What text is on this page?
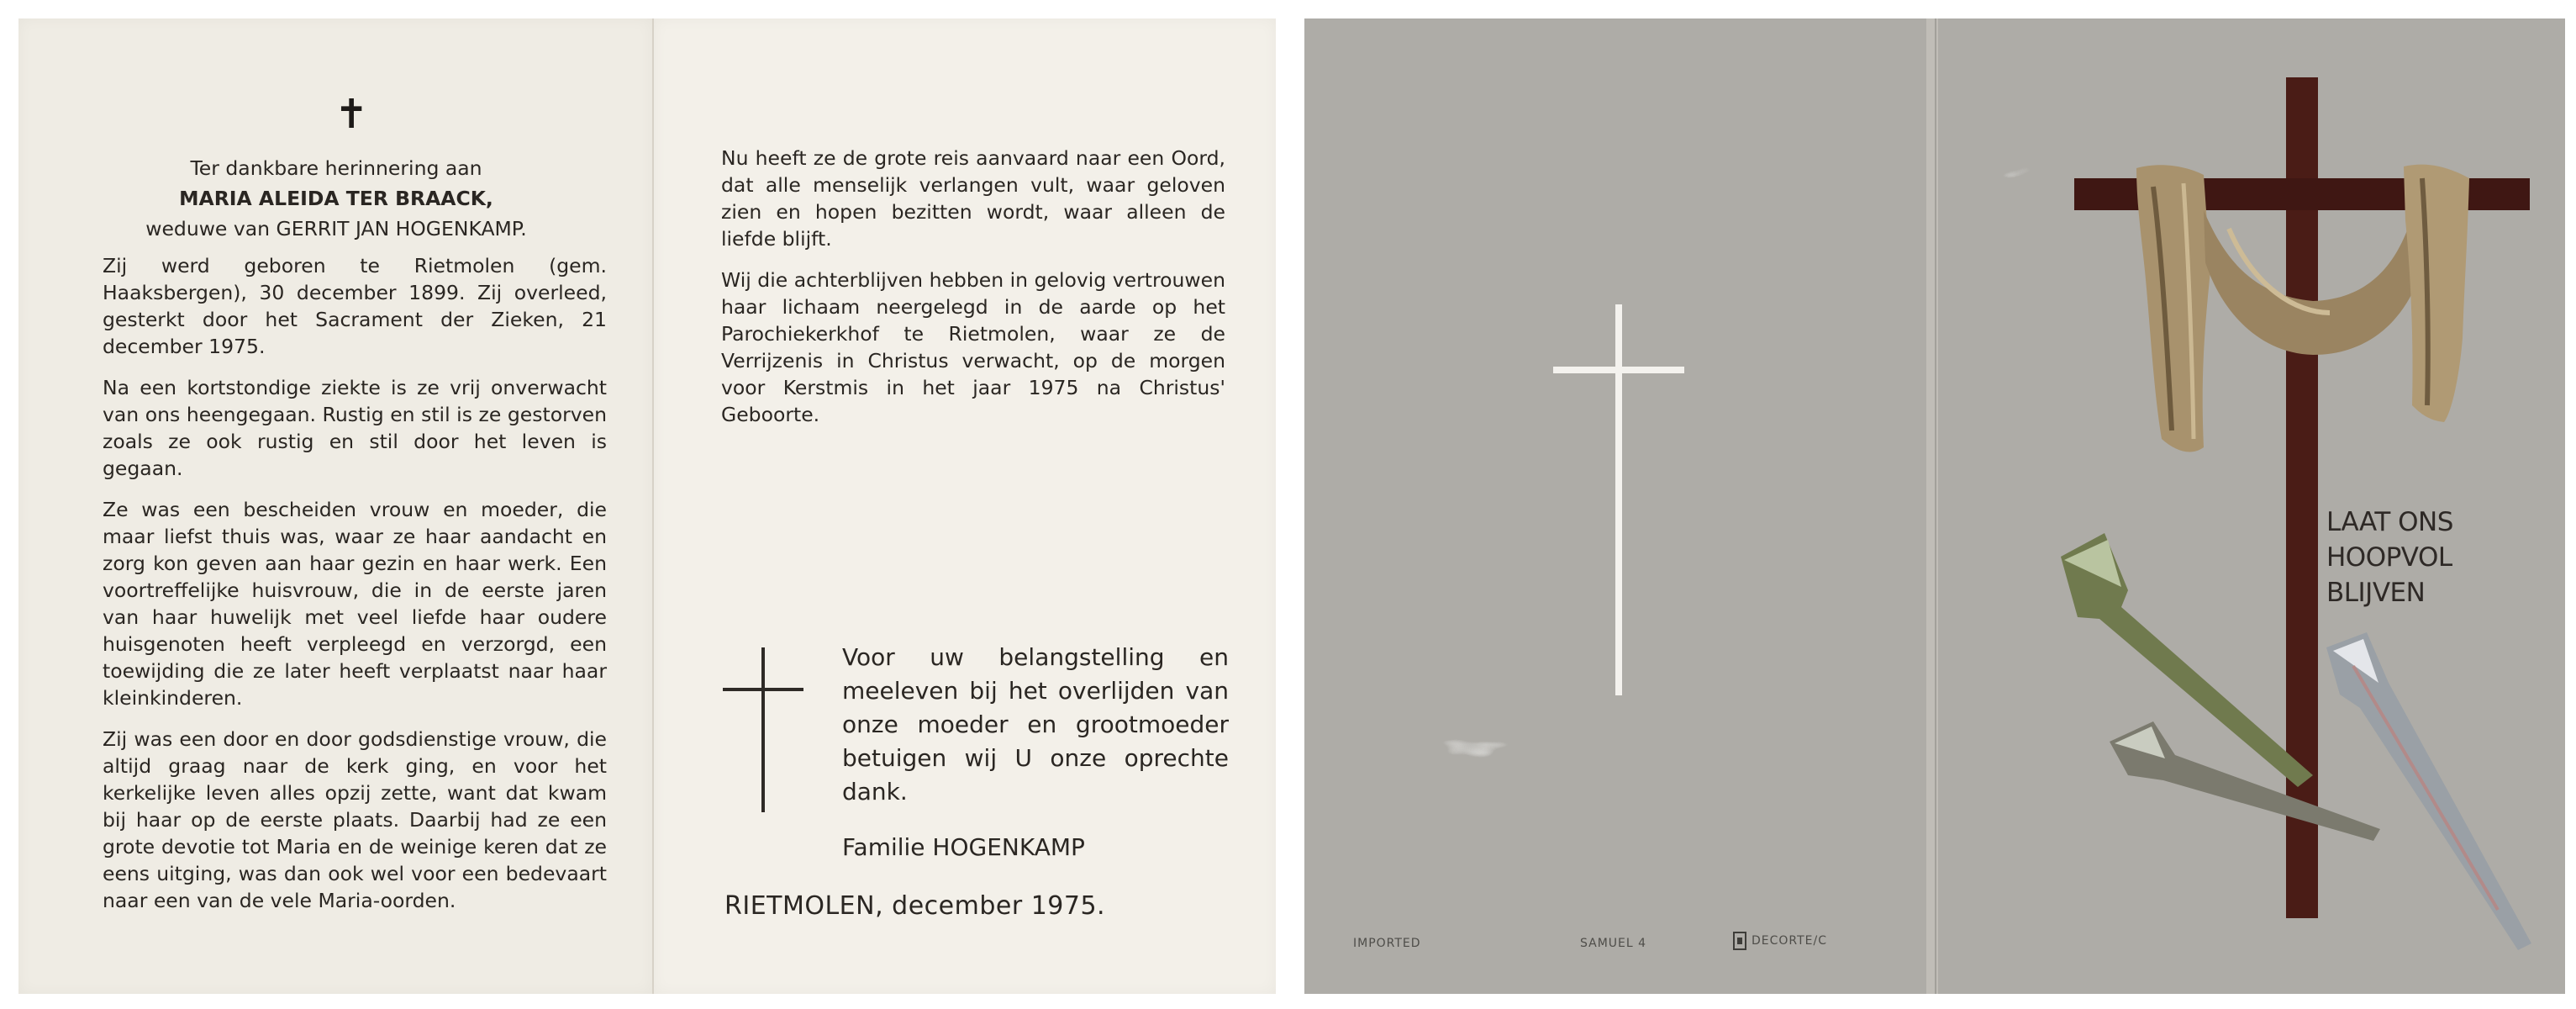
✝
Ter dankbare herinnering aan
MARIA ALEIDA TER BRAACK,
weduwe van GERRIT JAN HOGENKAMP.

Zij werd geboren te Rietmolen (gem. Haaksbergen), 30 december 1899. Zij overleed, gesterkt door het Sacrament der Zieken, 21 december 1975.

Na een kortstondige ziekte is ze vrij onverwacht van ons heengegaan. Rustig en stil is ze gestorven zoals ze ook rustig en stil door het leven is gegaan.

Ze was een bescheiden vrouw en moeder, die maar liefst thuis was, waar ze haar aandacht en zorg kon geven aan haar gezin en haar werk. Een voortreffelijke huisvrouw, die in de eerste jaren van haar huwelijk met veel liefde haar oudere huisgenoten heeft verpleegd en verzorgd, een toewijding die ze later heeft verplaatst naar haar kleinkinderen.

Zij was een door en door godsdienstige vrouw, die altijd graag naar de kerk ging, en voor het kerkelijke leven alles opzij zette, want dat kwam bij haar op de eerste plaats. Daarbij had ze een grote devotie tot Maria en de weinige keren dat ze eens uitging, was dan ook wel voor een bedevaart naar een van de vele Maria-oorden.

Nu heeft ze de grote reis aanvaard naar een Oord, dat alle menselijk verlangen vult, waar geloven zien en hopen bezitten wordt, waar alleen de liefde blijft.

Wij die achterblijven hebben in gelovig vertrouwen haar lichaam neergelegd in de aarde op het Parochiekerkhof te Rietmolen, waar ze de Verrijzenis in Christus verwacht, op de morgen voor Kerstmis in het jaar 1975 na Christus' Geboorte.

Voor uw belangstelling en meeleven bij het overlijden van onze moeder en grootmoeder betuigen wij U onze oprechte dank.
Familie HOGENKAMP
RIETMOLEN, december 1975.
LAAT ONS
HOOPVOL
BLIJVEN
IMPORTED	SAMUEL 4	DECORTE/C
